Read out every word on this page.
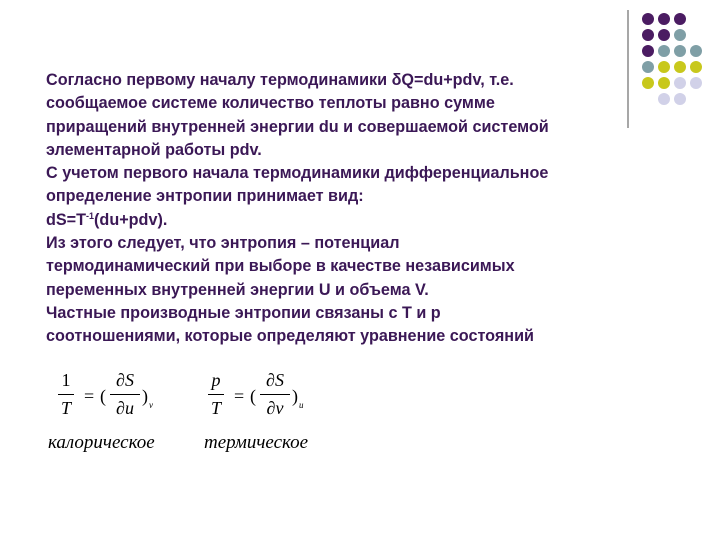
Согласно первому началу термодинамики δQ=du+pdv, т.е.

сообщаемое системе количество теплоты равно сумме

приращений внутренней энергии du и совершаемой системой

элементарной работы pdv.

С учетом первого начала термодинамики дифференциальное

определение энтропии принимает вид:

$dS=T^{-1}(du+pdv)$.

Из этого следует, что энтропия – потенциал

термодинамический при выборе в качестве независимых

переменных внутренней энергии U и объема V.

Частные производные энтропии связаны с T и p

соотношениями, которые определяют уравнение состояний

1
T
= (
∂S
∂u
) v
p
T
= (
∂S
∂v
) u
калорическое	термическое
